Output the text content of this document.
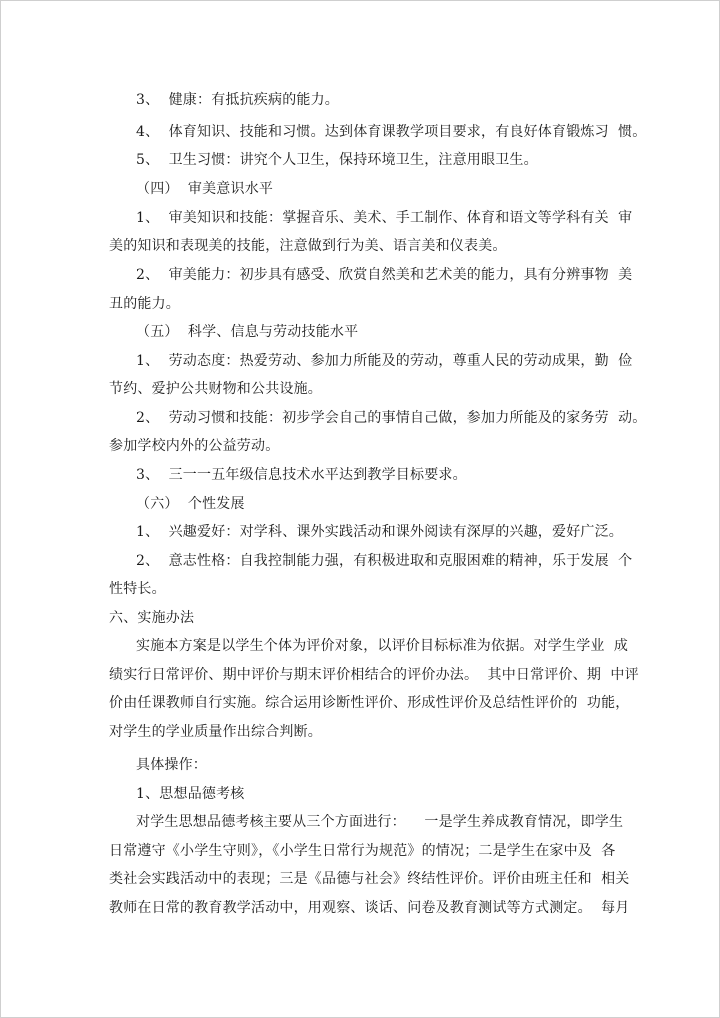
3、  健康：有抵抗疾病的能力。
4、  体育知识、技能和习惯。达到体育课教学项目要求，有良好体育锻炼习  惯。
5、  卫生习惯：讲究个人卫生，保持环境卫生，注意用眼卫生。
（四）  审美意识水平
1、  审美知识和技能：掌握音乐、美术、手工制作、体育和语文等学科有关  审
美的知识和表现美的技能，注意做到行为美、语言美和仪表美。
2、  审美能力：初步具有感受、欣赏自然美和艺术美的能力，具有分辨事物  美
丑的能力。
（五）  科学、信息与劳动技能水平
1、  劳动态度：热爱劳动、参加力所能及的劳动，尊重人民的劳动成果，勤  俭
节约、爱护公共财物和公共设施。
2、  劳动习惯和技能：初步学会自己的事情自己做，参加力所能及的家务劳  动。
参加学校内外的公益劳动。
3、  三一一五年级信息技术水平达到教学目标要求。
（六）  个性发展
1、  兴趣爱好：对学科、课外实践活动和课外阅读有深厚的兴趣，爱好广泛。
2、  意志性格：自我控制能力强，有积极进取和克服困难的精神，乐于发展  个
性特长。
六、实施办法
实施本方案是以学生个体为评价对象，以评价目标标准为依据。对学生学业  成
绩实行日常评价、期中评价与期末评价相结合的评价办法。  其中日常评价、期  中评
价由任课教师自行实施。综合运用诊断性评价、形成性评价及总结性评价的  功能，
对学生的学业质量作出综合判断。
具体操作：
1、思想品德考核
对学生思想品德考核主要从三个方面进行：    一是学生养成教育情况，即学生
日常遵守《小学生守则》，《小学生日常行为规范》的情况；二是学生在家中及  各
类社会实践活动中的表现；三是《品德与社会》终结性评价。评价由班主任和  相关
教师在日常的教育教学活动中，用观察、谈话、问卷及教育测试等方式测定。  每月
